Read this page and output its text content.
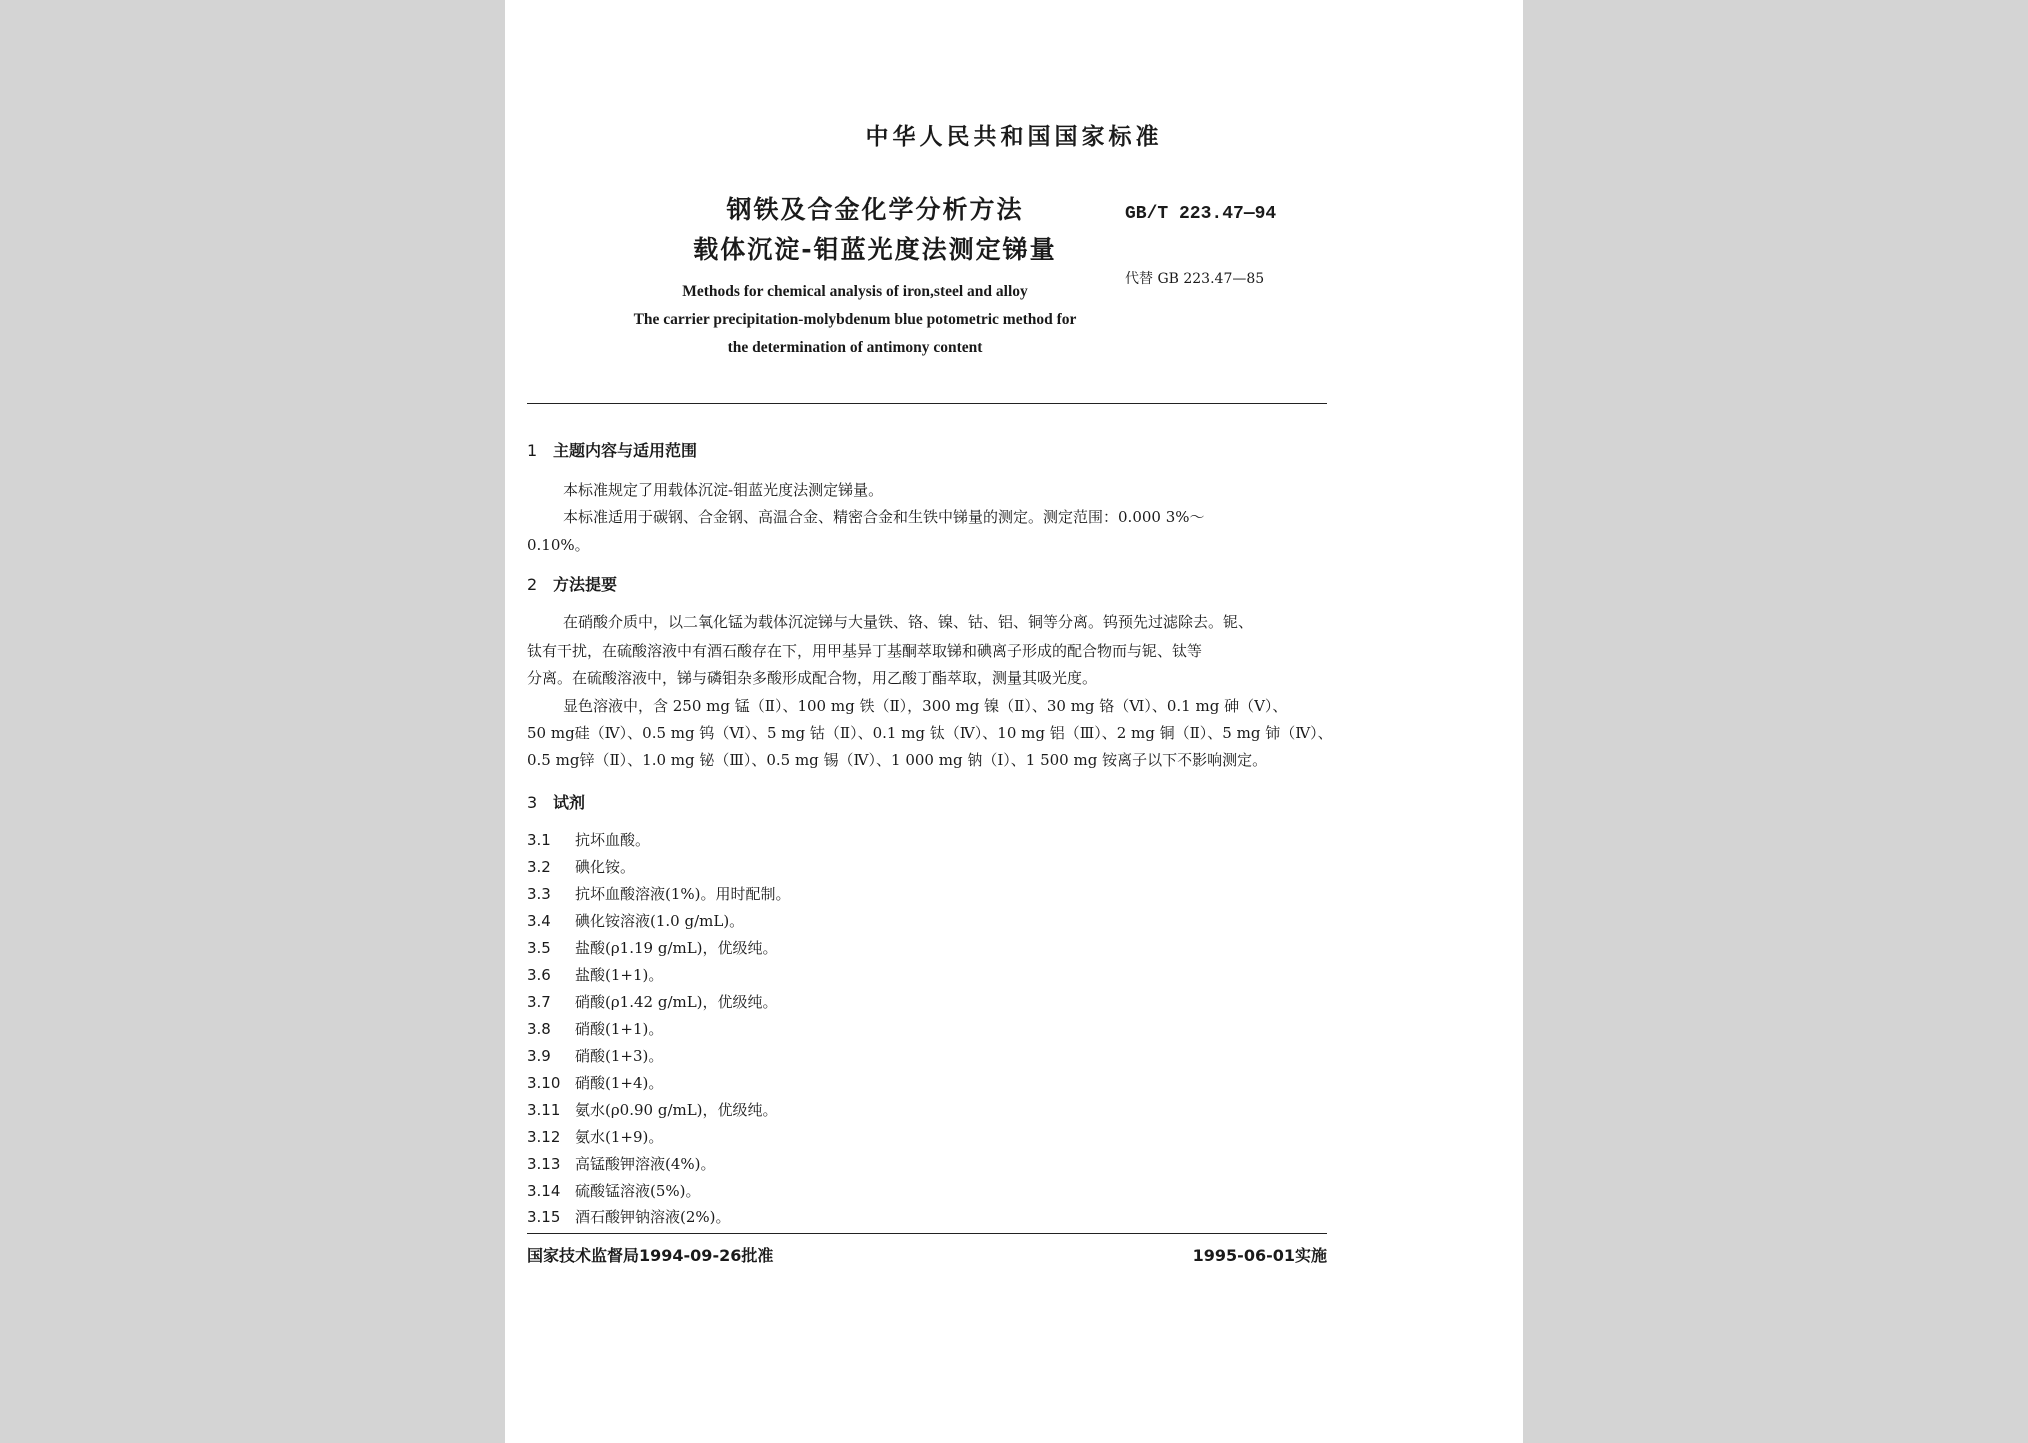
中华人民共和国国家标准
钢铁及合金化学分析方法
载体沉淀-钼蓝光度法测定锑量
GB/T 223.47—94
代替 GB 223.47—85
Methods for chemical analysis of iron,steel and alloy
The carrier precipitation-molybdenum blue potometric method for
the determination of antimony content
1 主题内容与适用范围
本标准规定了用载体沉淀-钼蓝光度法测定锑量。
本标准适用于碳钢、合金钢、高温合金、精密合金和生铁中锑量的测定。测定范围：0.000 3%～
0.10%。
2 方法提要
在硝酸介质中，以二氧化锰为载体沉淀锑与大量铁、铬、镍、钴、铝、铜等分离。钨预先过滤除去。铌、
钛有干扰，在硫酸溶液中有酒石酸存在下，用甲基异丁基酮萃取锑和碘离子形成的配合物而与铌、钛等
分离。在硫酸溶液中，锑与磷钼杂多酸形成配合物，用乙酸丁酯萃取，测量其吸光度。
显色溶液中，含 250 mg 锰（Ⅱ）、100 mg 铁（Ⅱ），300 mg 镍（Ⅱ）、30 mg 铬（Ⅵ）、0.1 mg 砷（Ⅴ）、
50 mg硅（Ⅳ）、0.5 mg 钨（Ⅵ）、5 mg 钴（Ⅱ）、0.1 mg 钛（Ⅳ）、10 mg 铝（Ⅲ）、2 mg 铜（Ⅱ）、5 mg 铈（Ⅳ）、
0.5 mg锌（Ⅱ）、1.0 mg 铋（Ⅲ）、0.5 mg 锡（Ⅳ）、1 000 mg 钠（Ⅰ）、1 500 mg 铵离子以下不影响测定。
3 试剂
3.1 抗坏血酸。
3.2 碘化铵。
3.3 抗坏血酸溶液(1%)。用时配制。
3.4 碘化铵溶液(1.0 g/mL)。
3.5 盐酸(ρ1.19 g/mL)，优级纯。
3.6 盐酸(1+1)。
3.7 硝酸(ρ1.42 g/mL)，优级纯。
3.8 硝酸(1+1)。
3.9 硝酸(1+3)。
3.10 硝酸(1+4)。
3.11 氨水(ρ0.90 g/mL)，优级纯。
3.12 氨水(1+9)。
3.13 高锰酸钾溶液(4%)。
3.14 硫酸锰溶液(5%)。
3.15 酒石酸钾钠溶液(2%)。
国家技术监督局1994-09-26批准	1995-06-01实施
